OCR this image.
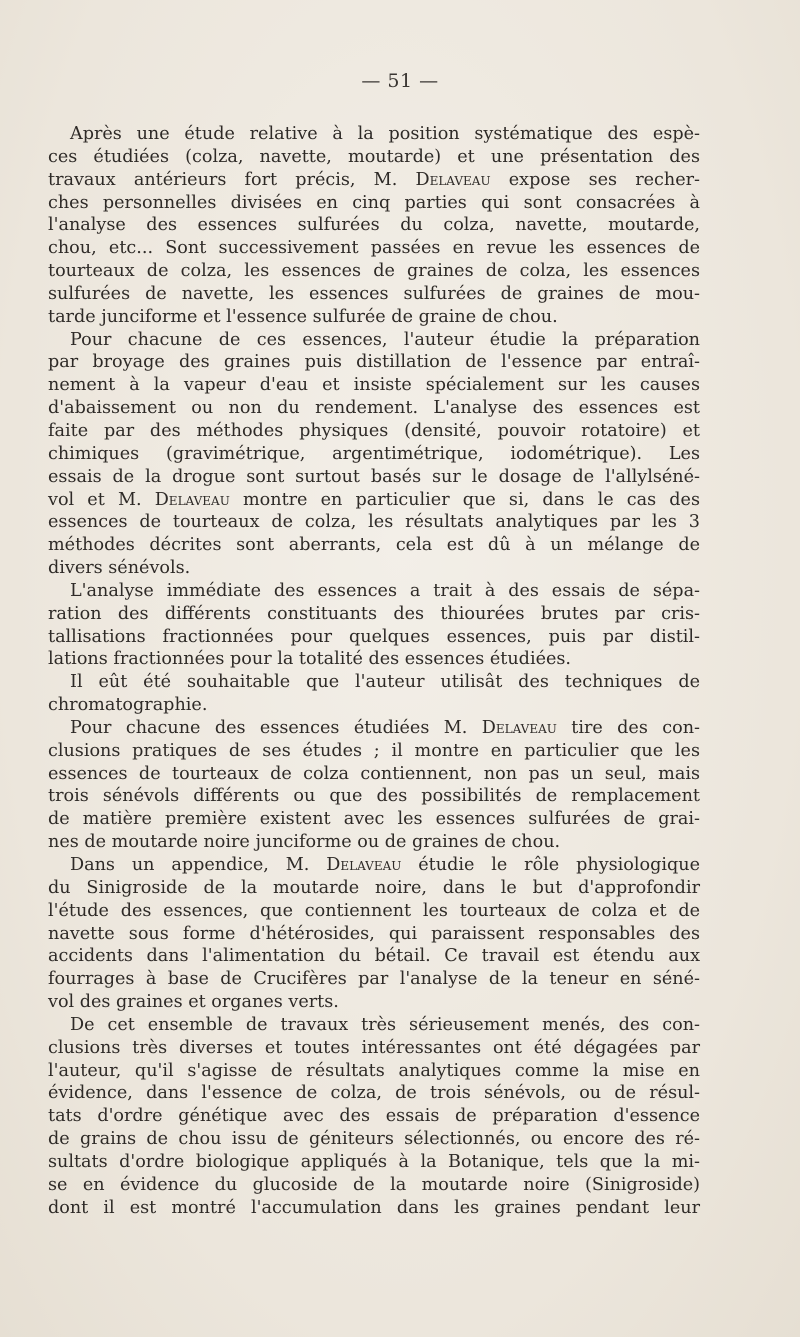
— 51 —
Après une étude relative à la position systématique des espè-
ces étudiées (colza, navette, moutarde) et une présentation des
travaux antérieurs fort précis, M. Delaveau expose ses recher-
ches personnelles divisées en cinq parties qui sont consacrées à
l'analyse des essences sulfurées du colza, navette, moutarde,
chou, etc... Sont successivement passées en revue les essences de
tourteaux de colza, les essences de graines de colza, les essences
sulfurées de navette, les essences sulfurées de graines de mou-
tarde junciforme et l'essence sulfurée de graine de chou.
Pour chacune de ces essences, l'auteur étudie la préparation
par broyage des graines puis distillation de l'essence par entraî-
nement à la vapeur d'eau et insiste spécialement sur les causes
d'abaissement ou non du rendement. L'analyse des essences est
faite par des méthodes physiques (densité, pouvoir rotatoire) et
chimiques (gravimétrique, argentimétrique, iodométrique). Les
essais de la drogue sont surtout basés sur le dosage de l'allylséné-
vol et M. Delaveau montre en particulier que si, dans le cas des
essences de tourteaux de colza, les résultats analytiques par les 3
méthodes décrites sont aberrants, cela est dû à un mélange de
divers sénévols.
L'analyse immédiate des essences a trait à des essais de sépa-
ration des différents constituants des thiourées brutes par cris-
tallisations fractionnées pour quelques essences, puis par distil-
lations fractionnées pour la totalité des essences étudiées.
Il eût été souhaitable que l'auteur utilisât des techniques de
chromatographie.
Pour chacune des essences étudiées M. Delaveau tire des con-
clusions pratiques de ses études ; il montre en particulier que les
essences de tourteaux de colza contiennent, non pas un seul, mais
trois sénévols différents ou que des possibilités de remplacement
de matière première existent avec les essences sulfurées de grai-
nes de moutarde noire junciforme ou de graines de chou.
Dans un appendice, M. Delaveau étudie le rôle physiologique
du Sinigroside de la moutarde noire, dans le but d'approfondir
l'étude des essences, que contiennent les tourteaux de colza et de
navette sous forme d'hétérosides, qui paraissent responsables des
accidents dans l'alimentation du bétail. Ce travail est étendu aux
fourrages à base de Crucifères par l'analyse de la teneur en séné-
vol des graines et organes verts.
De cet ensemble de travaux très sérieusement menés, des con-
clusions très diverses et toutes intéressantes ont été dégagées par
l'auteur, qu'il s'agisse de résultats analytiques comme la mise en
évidence, dans l'essence de colza, de trois sénévols, ou de résul-
tats d'ordre génétique avec des essais de préparation d'essence
de grains de chou issu de géniteurs sélectionnés, ou encore des ré-
sultats d'ordre biologique appliqués à la Botanique, tels que la mi-
se en évidence du glucoside de la moutarde noire (Sinigroside)
dont il est montré l'accumulation dans les graines pendant leur
